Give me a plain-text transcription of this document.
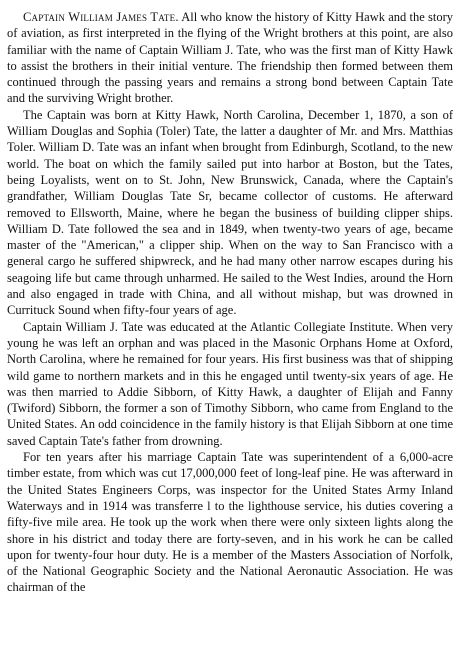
Captain William James Tate. All who know the history of Kitty Hawk and the story of aviation, as first interpreted in the flying of the Wright brothers at this point, are also familiar with the name of Captain William J. Tate, who was the first man of Kitty Hawk to assist the brothers in their initial venture. The friendship then formed between them continued through the passing years and remains a strong bond between Captain Tate and the surviving Wright brother.

The Captain was born at Kitty Hawk, North Carolina, December 1, 1870, a son of William Douglas and Sophia (Toler) Tate, the latter a daughter of Mr. and Mrs. Matthias Toler. William D. Tate was an infant when brought from Edinburgh, Scotland, to the new world. The boat on which the family sailed put into harbor at Boston, but the Tates, being Loyalists, went on to St. John, New Brunswick, Canada, where the Captain's grandfather, William Douglas Tate Sr, became collector of customs. He afterward removed to Ellsworth, Maine, where he began the business of building clipper ships. William D. Tate followed the sea and in 1849, when twenty-two years of age, became master of the "American," a clipper ship. When on the way to San Francisco with a general cargo he suffered shipwreck, and he had many other narrow escapes during his seagoing life but came through unharmed. He sailed to the West Indies, around the Horn and also engaged in trade with China, and all without mishap, but was drowned in Currituck Sound when fifty-four years of age.

Captain William J. Tate was educated at the Atlantic Collegiate Institute. When very young he was left an orphan and was placed in the Masonic Orphans Home at Oxford, North Carolina, where he remained for four years. His first business was that of shipping wild game to northern markets and in this he engaged until twenty-six years of age. He was then married to Addie Sibborn, of Kitty Hawk, a daughter of Elijah and Fanny (Twiford) Sibborn, the former a son of Timothy Sibborn, who came from England to the United States. An odd coincidence in the family history is that Elijah Sibborn at one time saved Captain Tate's father from drowning.

For ten years after his marriage Captain Tate was superintendent of a 6,000-acre timber estate, from which was cut 17,000,000 feet of long-leaf pine. He was afterward in the United States Engineers Corps, was inspector for the United States Army Inland Waterways and in 1914 was transferre l to the lighthouse service, his duties covering a fifty-five mile area. He took up the work when there were only sixteen lights along the shore in his district and today there are forty-seven, and in his work he can be called upon for twenty-four hour duty. He is a member of the Masters Association of Norfolk, of the National Geographic Society and the National Aeronautic Association. He was chairman of the
